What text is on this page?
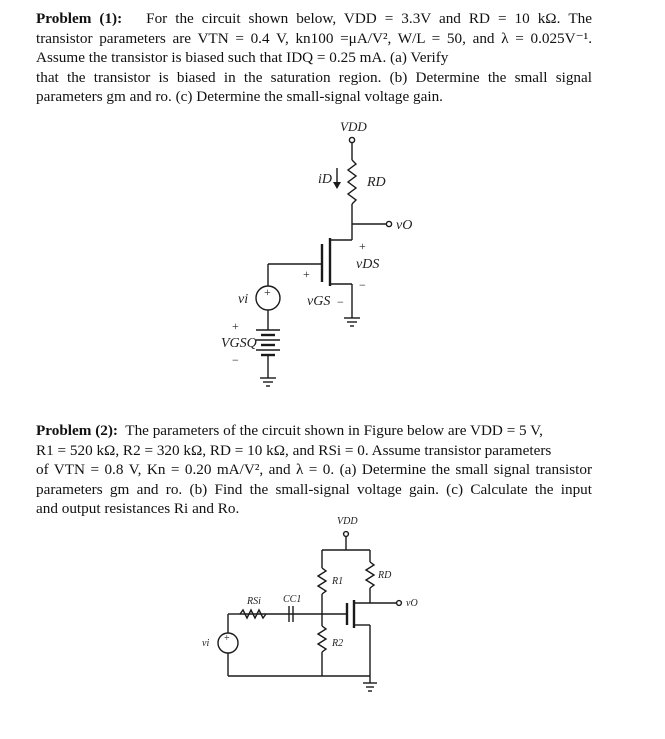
Problem (1): For the circuit shown below, VDD = 3.3V and RD = 10 kΩ. The
transistor parameters are VTN = 0.4 V, kn100 =μA/V², W/L = 50, and λ = 0.025V⁻¹.
Assume the transistor is biased such that IDQ = 0.25 mA. (a) Verify
that the transistor is biased in the saturation region. (b) Determine the small signal
parameters gm and ro. (c) Determine the small-signal voltage gain.
VDD
RD
iD
vO
+
vDS
−
+
vGS −
+
vi
+
VGSQ
−
Problem (2): The parameters of the circuit shown in Figure below are VDD = 5 V,
R1 = 520 kΩ, R2 = 320 kΩ, RD = 10 kΩ, and RSi = 0. Assume transistor parameters
of VTN = 0.8 V, Kn = 0.20 mA/V², and λ = 0. (a) Determine the small signal transistor
parameters gm and ro. (b) Find the small-signal voltage gain. (c) Calculate the input
and output resistances Ri and Ro.
VDD
R1
RD
vO
RSi CC1
R2
+
vi
